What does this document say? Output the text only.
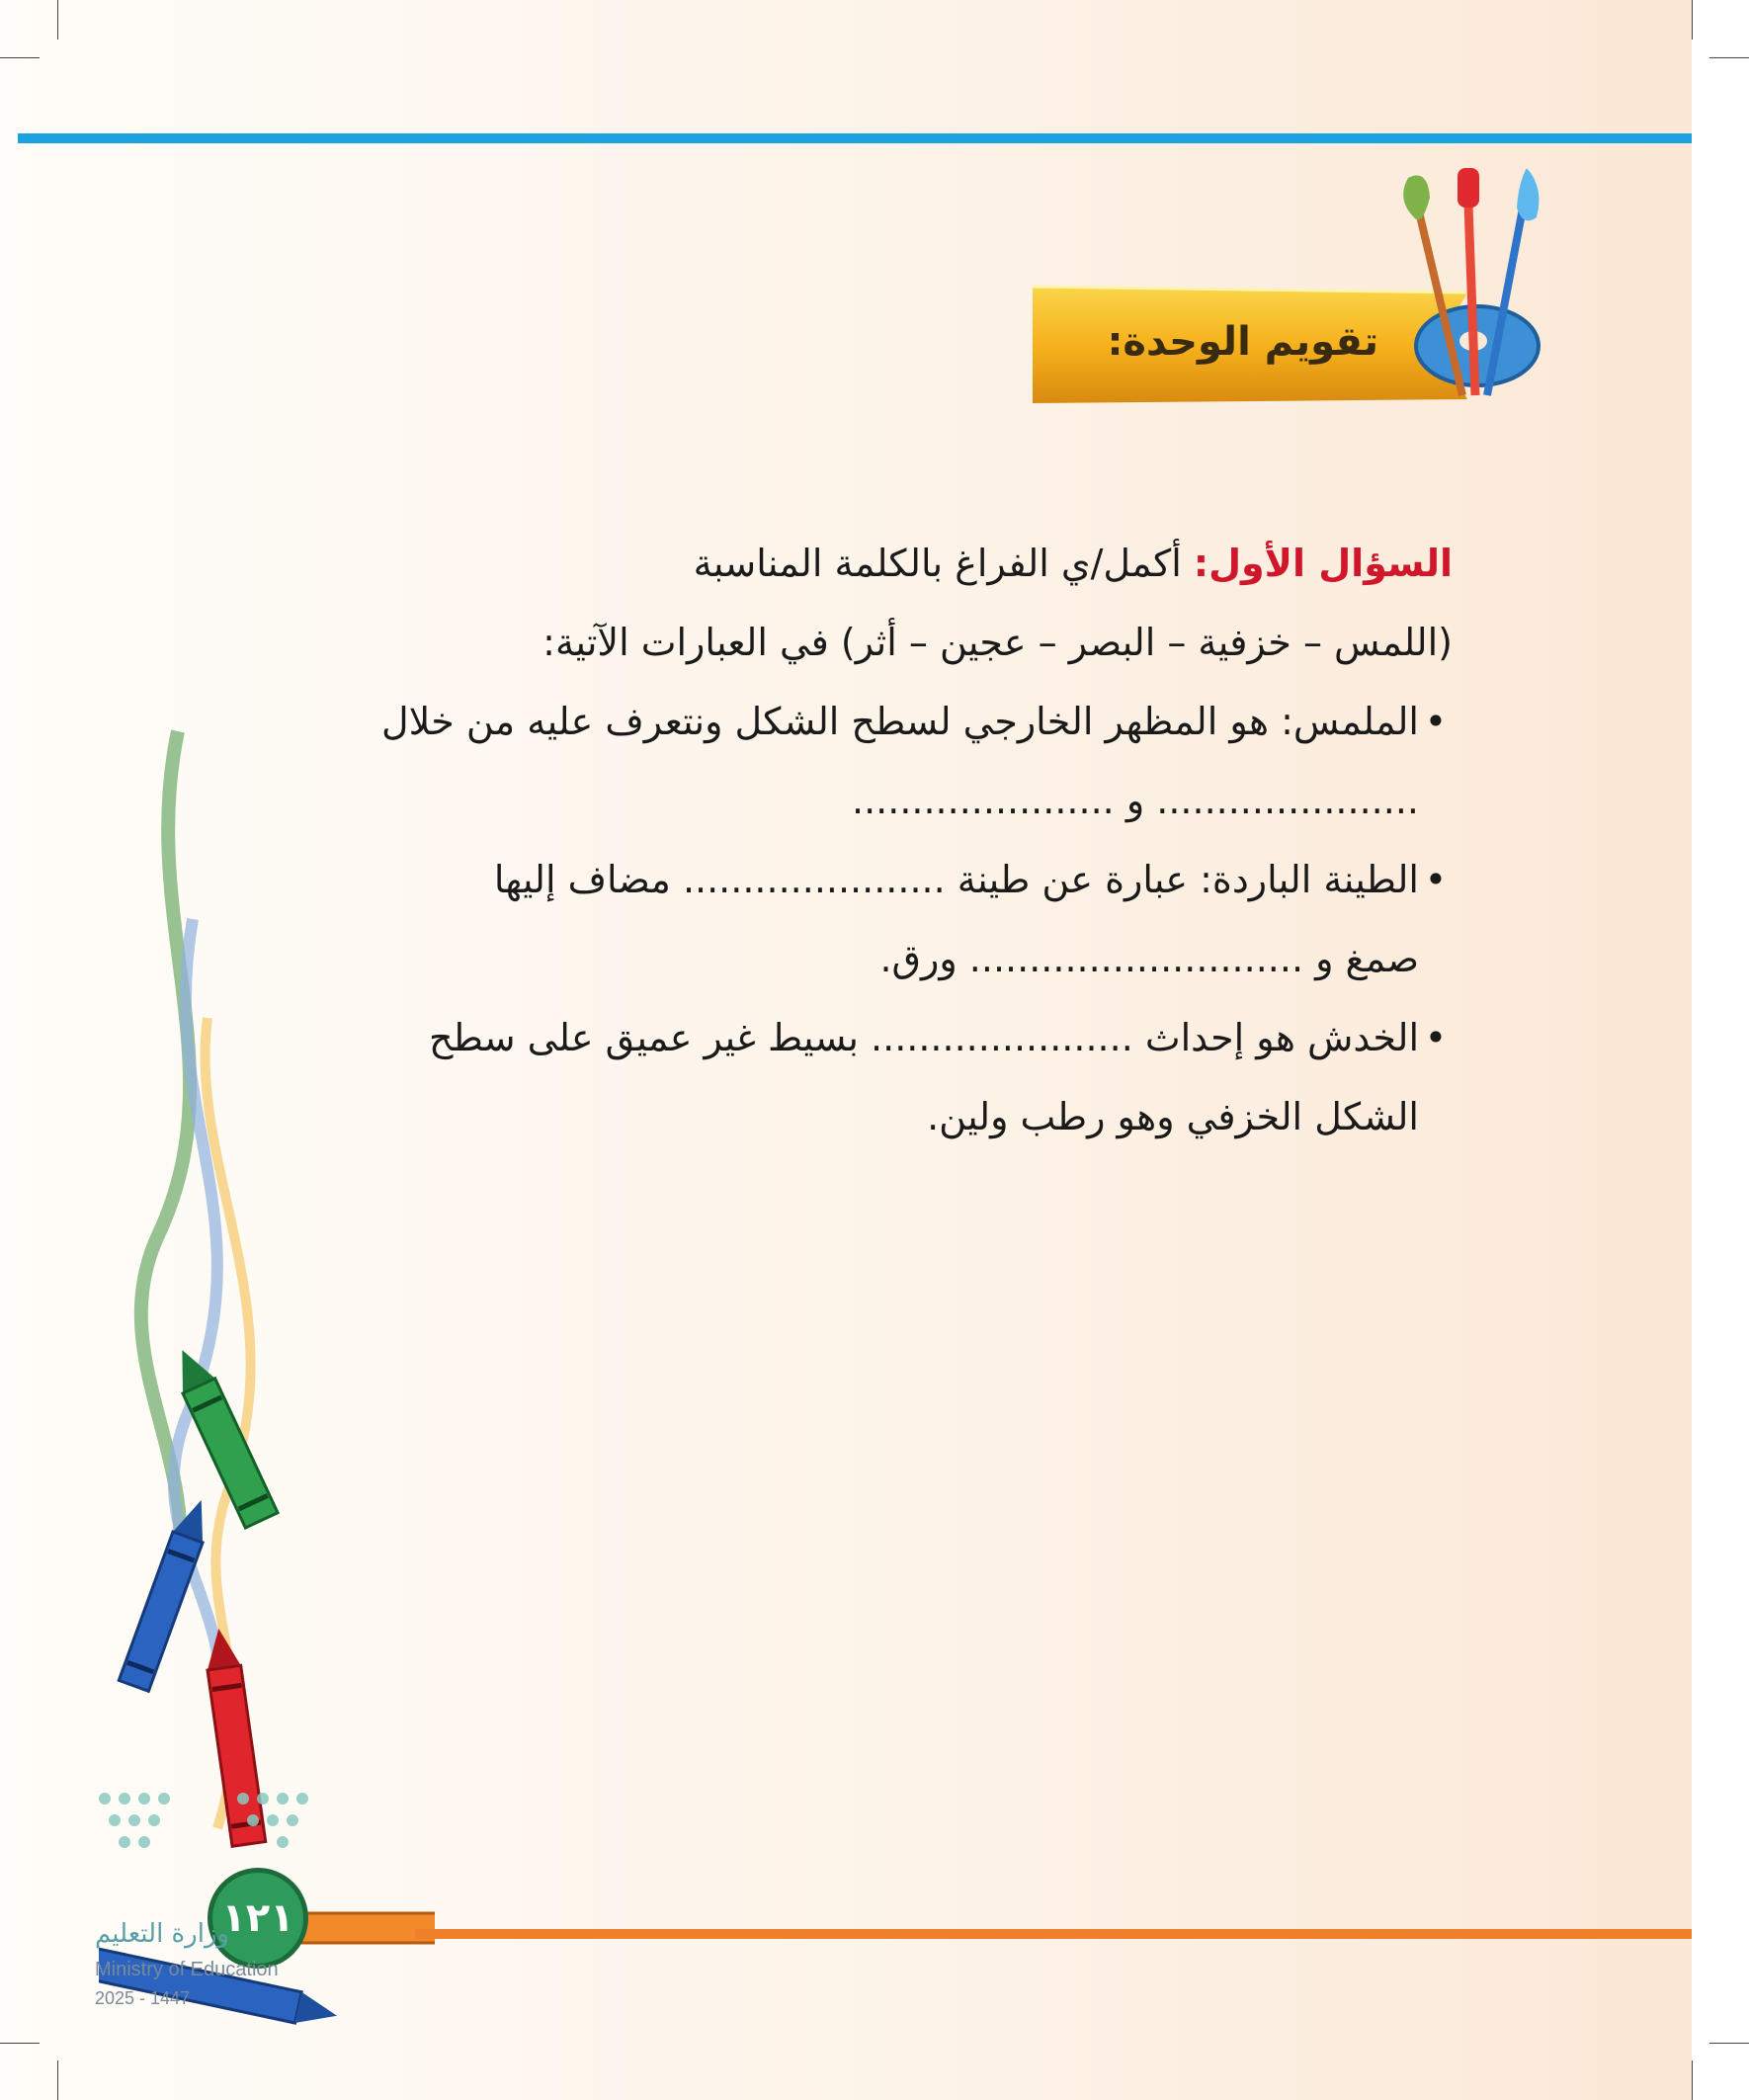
تقويم الوحدة:
السؤال الأول: أكمل/ي الفراغ بالكلمة المناسبة
(اللمس – خزفية – البصر – عجين – أثر) في العبارات الآتية:
•الملمس: هو المظهر الخارجي لسطح الشكل ونتعرف عليه من خلال
...................... و ......................
•الطينة الباردة: عبارة عن طينة ...................... مضاف إليها
صمغ و ............................ ورق.
•الخدش هو إحداث ...................... بسيط غير عميق على سطح
الشكل الخزفي وهو رطب ولين.
١٢١
وزارة التعليم
Ministry of Education
2025 - 1447
